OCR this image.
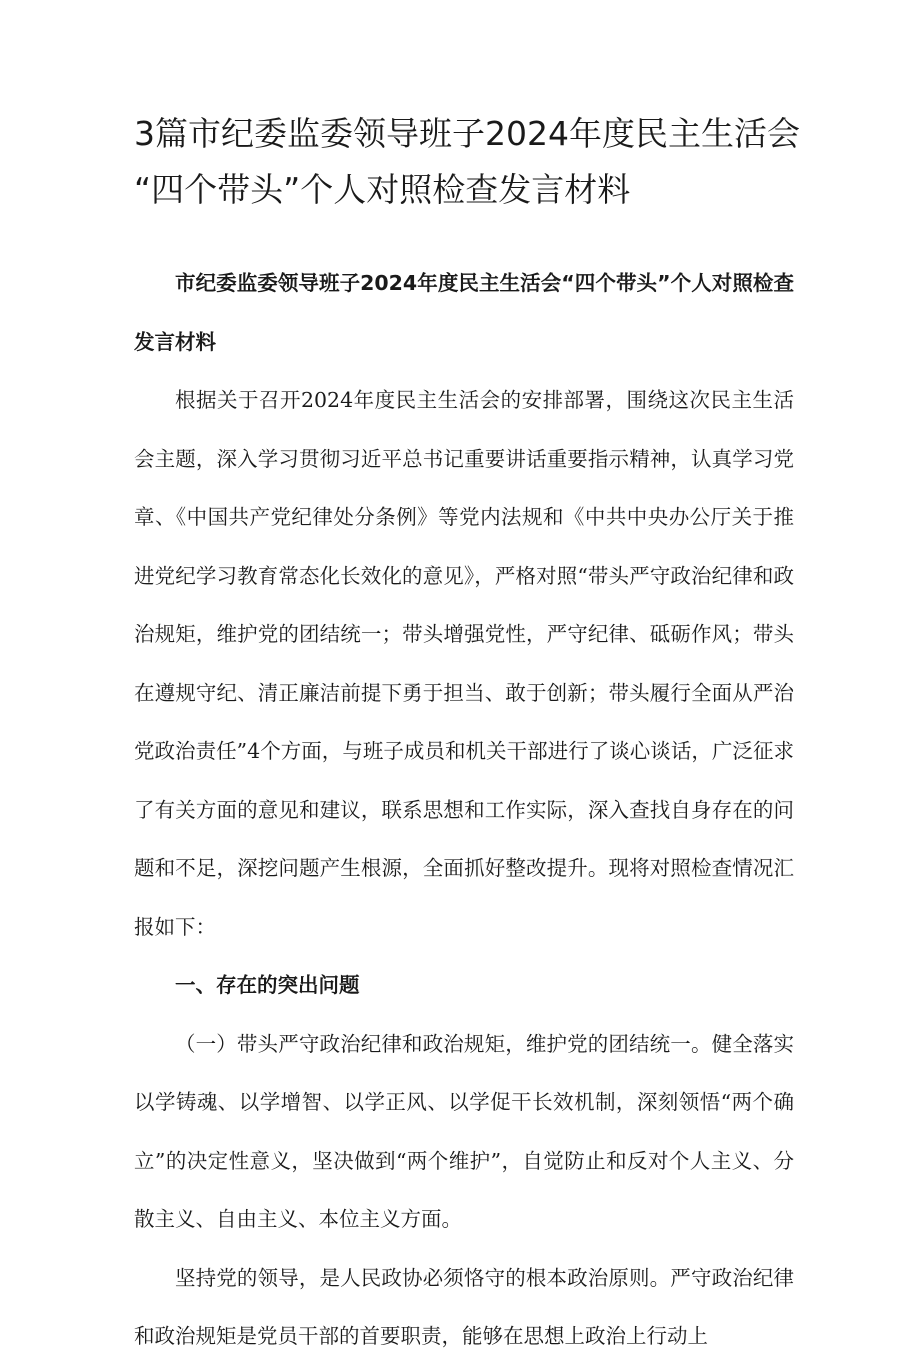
3篇市纪委监委领导班子2024年度民主生活会
“四个带头”个人对照检查发言材料

市纪委监委领导班子2024年度民主生活会“四个带头”个人对照检查发言材料

根据关于召开2024年度民主生活会的安排部署，围绕这次民主生活会主题，深入学习贯彻习近平总书记重要讲话重要指示精神，认真学习党章、《中国共产党纪律处分条例》等党内法规和《中共中央办公厅关于推进党纪学习教育常态化长效化的意见》，严格对照“带头严守政治纪律和政治规矩，维护党的团结统一；带头增强党性，严守纪律、砥砺作风；带头在遵规守纪、清正廉洁前提下勇于担当、敢于创新；带头履行全面从严治党政治责任”4个方面，与班子成员和机关干部进行了谈心谈话，广泛征求了有关方面的意见和建议，联系思想和工作实际，深入查找自身存在的问题和不足，深挖问题产生根源，全面抓好整改提升。现将对照检查情况汇报如下：

一、存在的突出问题

（一）带头严守政治纪律和政治规矩，维护党的团结统一。健全落实以学铸魂、以学增智、以学正风、以学促干长效机制，深刻领悟“两个确立”的决定性意义，坚决做到“两个维护”，自觉防止和反对个人主义、分散主义、自由主义、本位主义方面。

坚持党的领导，是人民政协必须恪守的根本政治原则。严守政治纪律和政治规矩是党员干部的首要职责，能够在思想上政治上行动上
